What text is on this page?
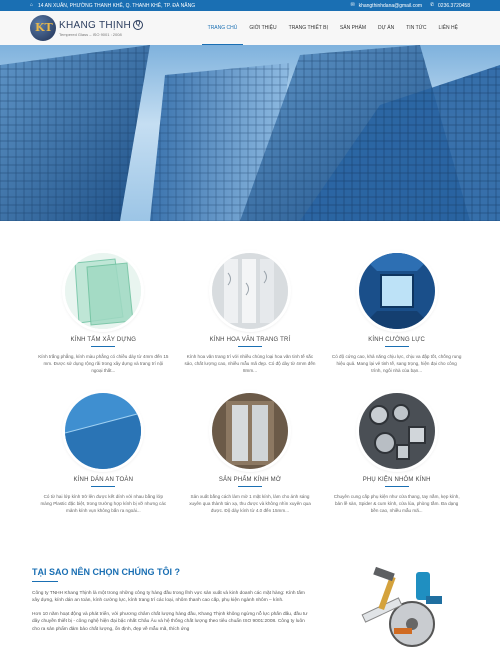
⌂ 14 AN XUÂN, PHƯỜNG THANH KHÊ, Q. THANH KHÊ, TP. ĐÀ NẴNG	✉ khangthinhdana@gmail.com ✆ 0236.3720458
KT
KHANG THỊNH Q
Tempered Glass – ISO 9001 : 2008
TRANG CHỦ	GIỚI THIỆU	TRANG THIẾT BỊ	SẢN PHẨM	DỰ ÁN	TIN TỨC	LIÊN HỆ
KÍNH TẤM XÂY DỰNG
Kính trắng phẳng, kính màu phẳng có chiều dày từ 4mm đến 15 mm. Được sử dụng rộng rãi trong xây dựng và trang trí nội ngoại thất...
KÍNH HOA VĂN TRANG TRÍ
Kính hoa văn trang trí với nhiều chủng loại hoa văn tinh tế sắc sảo, chất lượng cao, nhiều mẫu mã đẹp. Có độ dày từ 4mm đến 8mm...
KÍNH CƯỜNG LỰC
Có độ cứng cao, khả năng chịu lực, chịu va đập tốt, chống rung hiệu quả. Mang lại vẻ tinh tế, sang trọng, hiện đại cho công trình, ngôi nhà của bạn...
KÍNH DÁN AN TOÀN
Có từ hai lớp kính trở lên được kết dính với nhau bằng lớp màng Plastic đặc biệt, trong trường hợp kính bị vỡ nhưng các mảnh kính vụn không bắn ra ngoài...
SẢN PHẨM KÍNH MỜ
Sản xuất bằng cách làm mờ 1 mặt kính, làm cho ánh sáng xuyên qua thành tán xạ, thu được và không nhìn xuyên qua được. Độ dày kính từ 4.0 đến 15mm...
PHỤ KIỆN NHÔM KÍNH
Chuyên cung cấp phụ kiện như cửa thang, tay nắm, kẹp kính, bản lề sàn, Spider & cum kính, cửa lùa, phòng tắm. Đa dạng bền cao, nhiều mẫu mã...
TẠI SAO NÊN CHỌN CHÚNG TÔI ?

Công ty TNHH Khang Thịnh là một trong những công ty hàng đầu trong lĩnh vực sản xuất và kinh doanh các mặt hàng: Kính tấm xây dựng, kính dán an toàn, kính cường lực, kính trang trí các loại, nhôm thanh cao cấp, phụ kiện ngành nhôm – kính.

Hơn 10 năm hoạt động và phát triển, với phương châm chất lượng hàng đầu, Khang Thịnh không ngừng nỗ lực phấn đấu, đầu tư dây chuyền thiết bị - công nghệ hiện đại bậc nhất Châu Âu và hệ thống chất lượng theo tiêu chuẩn ISO 9001:2008. Công ty luôn cho ra sản phẩm đảm bảo chất lượng, ổn định, đẹp về mẫu mã, thích ứng
